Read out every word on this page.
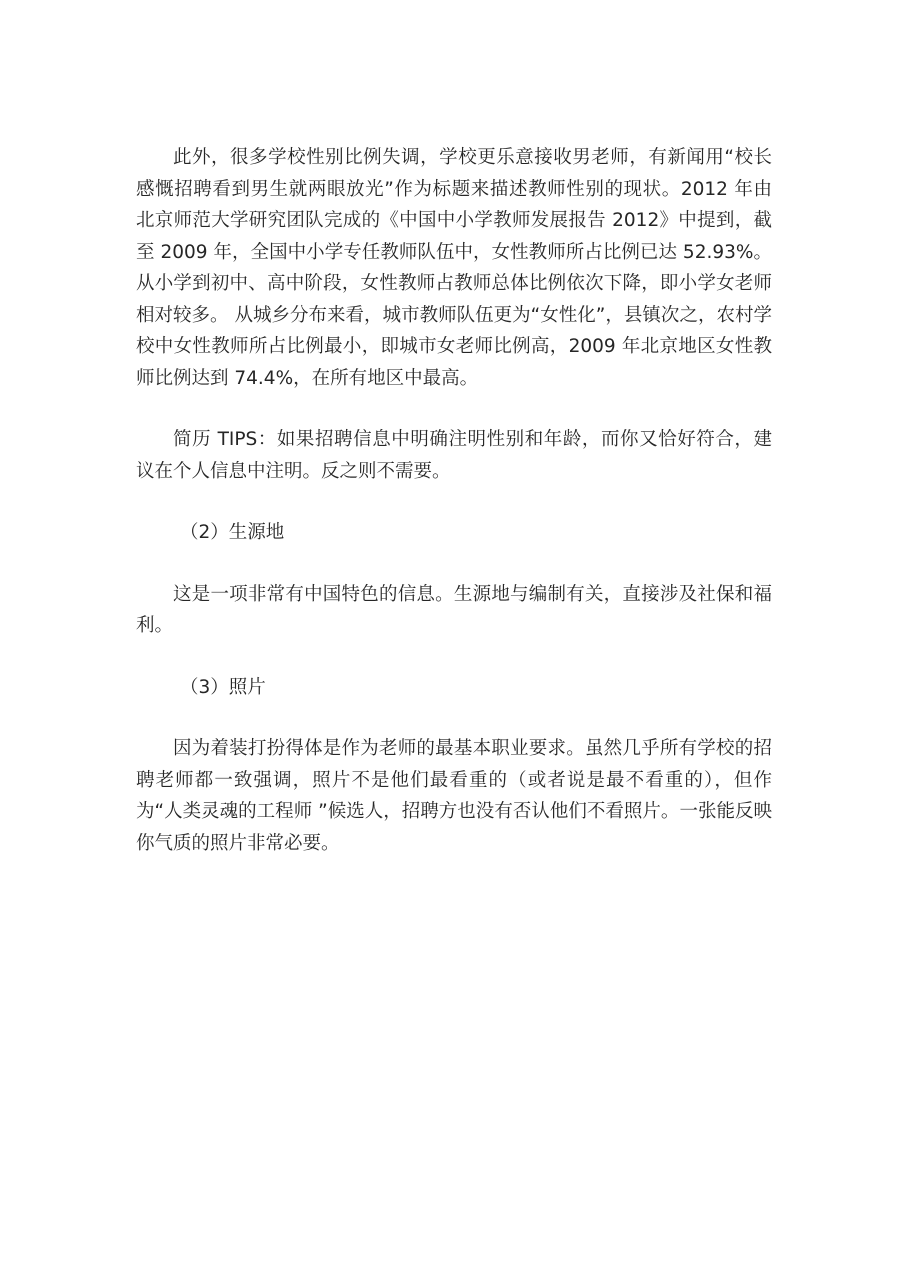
此外，很多学校性别比例失调，学校更乐意接收男老师，有新闻用“校长感慨招聘看到男生就两眼放光”作为标题来描述教师性别的现状。2012 年由北京师范大学研究团队完成的《中国中小学教师发展报告 2012》中提到，截至 2009 年，全国中小学专任教师队伍中，女性教师所占比例已达 52.93%。从小学到初中、高中阶段，女性教师占教师总体比例依次下降，即小学女老师相对较多。 从城乡分布来看，城市教师队伍更为“女性化”，县镇次之，农村学校中女性教师所占比例最小，即城市女老师比例高，2009 年北京地区女性教师比例达到 74.4%，在所有地区中最高。

简历 TIPS：如果招聘信息中明确注明性别和年龄，而你又恰好符合，建议在个人信息中注明。反之则不需要。

（2）生源地

这是一项非常有中国特色的信息。生源地与编制有关，直接涉及社保和福利。

（3）照片

因为着装打扮得体是作为老师的最基本职业要求。虽然几乎所有学校的招聘老师都一致强调，照片不是他们最看重的（或者说是最不看重的），但作为“人类灵魂的工程师 ”候选人，招聘方也没有否认他们不看照片。一张能反映你气质的照片非常必要。
